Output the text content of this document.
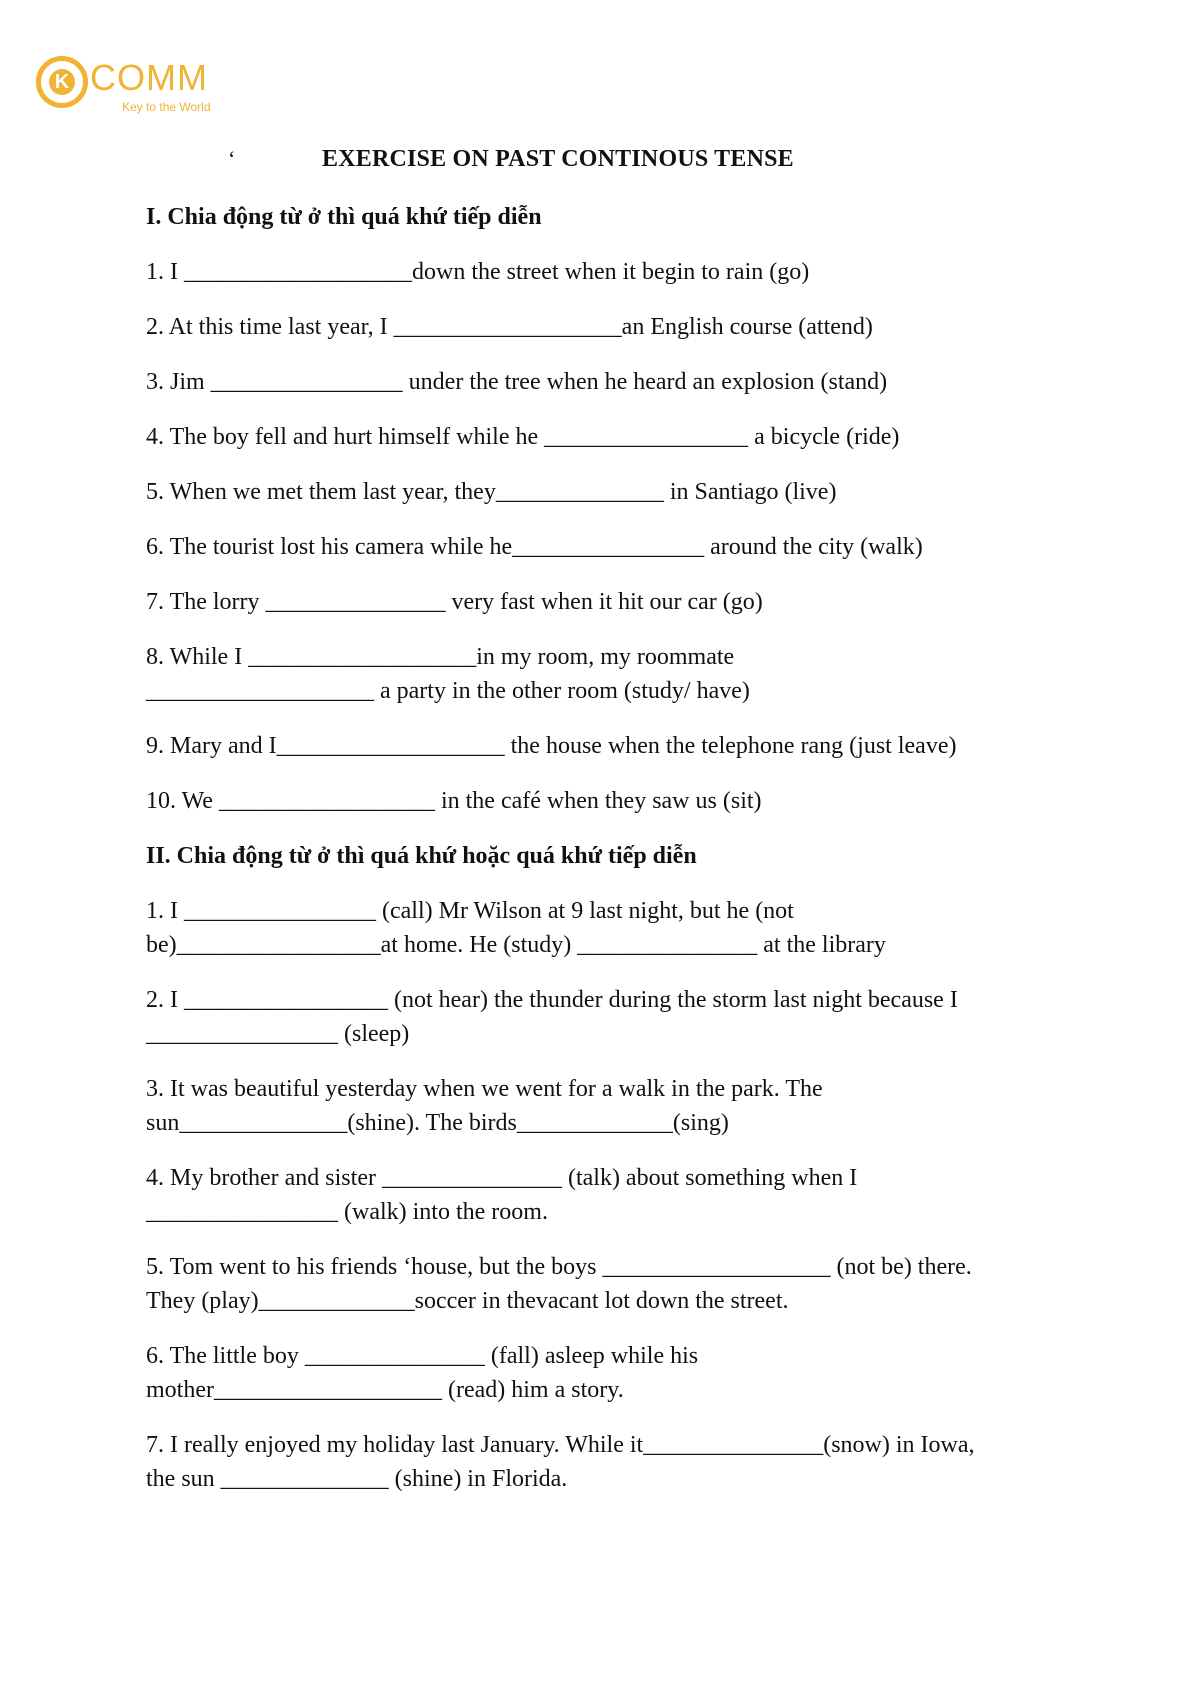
K COMM
Key to the World
‘	EXERCISE ON PAST CONTINOUS TENSE
I. Chia động từ ở thì quá khứ tiếp diễn
1. I ___________________down the street when it begin to rain (go)
2. At this time last year, I ___________________an English course (attend)
3. Jim ________________ under the tree when he heard an explosion (stand)
4. The boy fell and hurt himself while he _________________ a bicycle (ride)
5. When we met them last year, they______________ in Santiago (live)
6. The tourist lost his camera while he________________ around the city (walk)
7. The lorry _______________ very fast when it hit our car (go)
8. While I ___________________in my room, my roommate
___________________ a party in the other room (study/ have)
9. Mary and I___________________ the house when the telephone rang (just leave)
10. We __________________ in the café when they saw us (sit)
II. Chia động từ ở thì quá khứ hoặc quá khứ tiếp diễn
1. I ________________ (call) Mr Wilson at 9 last night, but he (not
be)_________________at home. He (study) _______________ at the library
2. I _________________ (not hear) the thunder during the storm last night because I
________________ (sleep)
3. It was beautiful yesterday when we went for a walk in the park. The
sun______________(shine). The birds_____________(sing)
4. My brother and sister _______________ (talk) about something when I
________________ (walk) into the room.
5. Tom went to his friends ‘house, but the boys ___________________ (not be) there.
They (play)_____________soccer in thevacant lot down the street.
6. The little boy _______________ (fall) asleep while his
mother___________________ (read) him a story.
7. I really enjoyed my holiday last January. While it_______________(snow) in Iowa,
the sun ______________ (shine) in Florida.
